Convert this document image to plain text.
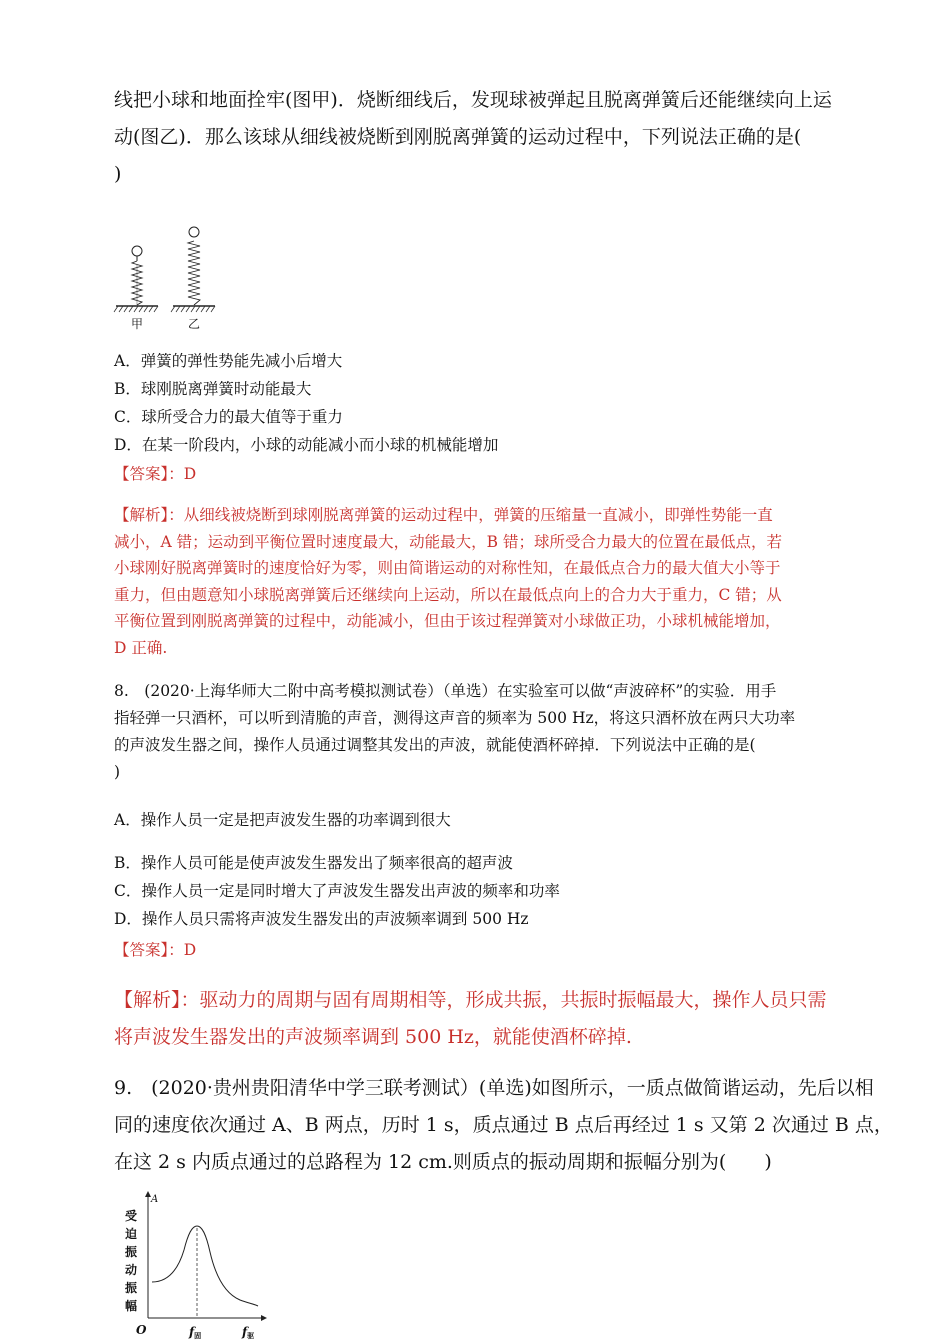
线把小球和地面拴牢(图甲)．烧断细线后，发现球被弹起且脱离弹簧后还能继续向上运
动(图乙)．那么该球从细线被烧断到刚脱离弹簧的运动过程中，下列说法正确的是(
)
甲	乙
A．弹簧的弹性势能先减小后增大
B．球刚脱离弹簧时动能最大
C．球所受合力的最大值等于重力
D．在某一阶段内，小球的动能减小而小球的机械能增加
【答案】：D
【解析】：从细线被烧断到球刚脱离弹簧的运动过程中，弹簧的压缩量一直减小，即弹性势能一直
减小，A 错；运动到平衡位置时速度最大，动能最大，B 错；球所受合力最大的位置在最低点，若
小球刚好脱离弹簧时的速度恰好为零，则由简谐运动的对称性知，在最低点合力的最大值大小等于
重力，但由题意知小球脱离弹簧后还继续向上运动，所以在最低点向上的合力大于重力，C 错；从
平衡位置到刚脱离弹簧的过程中，动能减小，但由于该过程弹簧对小球做正功，小球机械能增加，
D 正确.
8.　(2020·上海华师大二附中高考模拟测试卷）（单选）在实验室可以做“声波碎杯”的实验．用手
指轻弹一只酒杯，可以听到清脆的声音，测得这声音的频率为 500 Hz，将这只酒杯放在两只大功率
的声波发生器之间，操作人员通过调整其发出的声波，就能使酒杯碎掉．下列说法中正确的是(
)
A．操作人员一定是把声波发生器的功率调到很大
B．操作人员可能是使声波发生器发出了频率很高的超声波
C．操作人员一定是同时增大了声波发生器发出声波的频率和功率
D．操作人员只需将声波发生器发出的声波频率调到 500 Hz
【答案】：D
【解析】：驱动力的周期与固有周期相等，形成共振，共振时振幅最大，操作人员只需
将声波发生器发出的声波频率调到 500 Hz，就能使酒杯碎掉.
9.　(2020·贵州贵阳清华中学三联考测试）(单选)如图所示，一质点做简谐运动，先后以相
同的速度依次通过 A、B 两点，历时 1 s，质点通过 B 点后再经过 1 s 又第 2 次通过 B 点，
在这 2 s 内质点通过的总路程为 12 cm.则质点的振动周期和振幅分别为(　　)
A
受
迫
振
动
振
幅
O	f固	f驱
